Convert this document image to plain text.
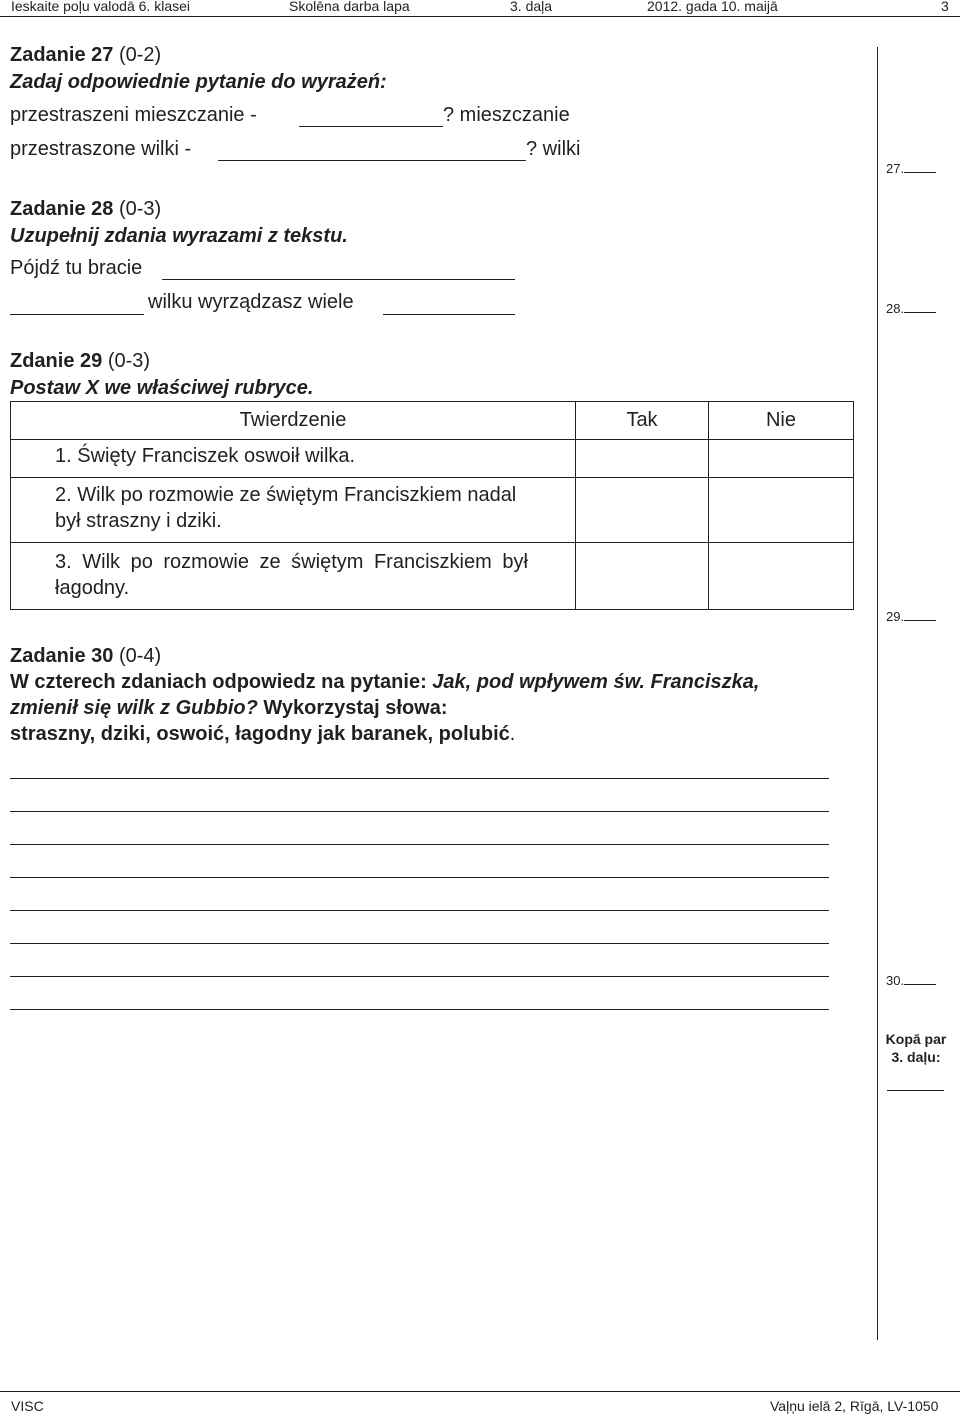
Ieskaite poļu valodā 6. klasei	Skolēna darba lapa	3. daļa	2012. gada 10. maijā	3
Zadanie 27 (0-2)
Zadaj odpowiednie pytanie do wyrażeń:
przestraszeni mieszczanie -	? mieszczanie
przestraszone wilki -	? wilki
Zadanie 28 (0-3)
Uzupełnij zdania wyrazami z tekstu.
Pójdź tu bracie
wilku wyrządzasz wiele
Zdanie 29 (0-3)
Postaw X we właściwej rubryce.
Twierdzenie	Tak	Nie
1. Święty Franciszek oswoił wilka.		

2. Wilk po rozmowie ze świętym Franciszkiem nadal
był straszny i dziki.		

3. Wilk po rozmowie ze świętym Franciszkiem był
łagodny.		

Zadanie 30 (0-4)
W czterech zdaniach odpowiedz na pytanie: Jak, pod wpływem św. Franciszka,
zmienił się wilk z Gubbio? Wykorzystaj słowa:
straszny, dziki, oswoić, łagodny jak baranek, polubić.
27.
28.
29.
30.
Kopā par
3. daļu:
VISC	Vaļņu ielā 2, Rīgā, LV-1050
